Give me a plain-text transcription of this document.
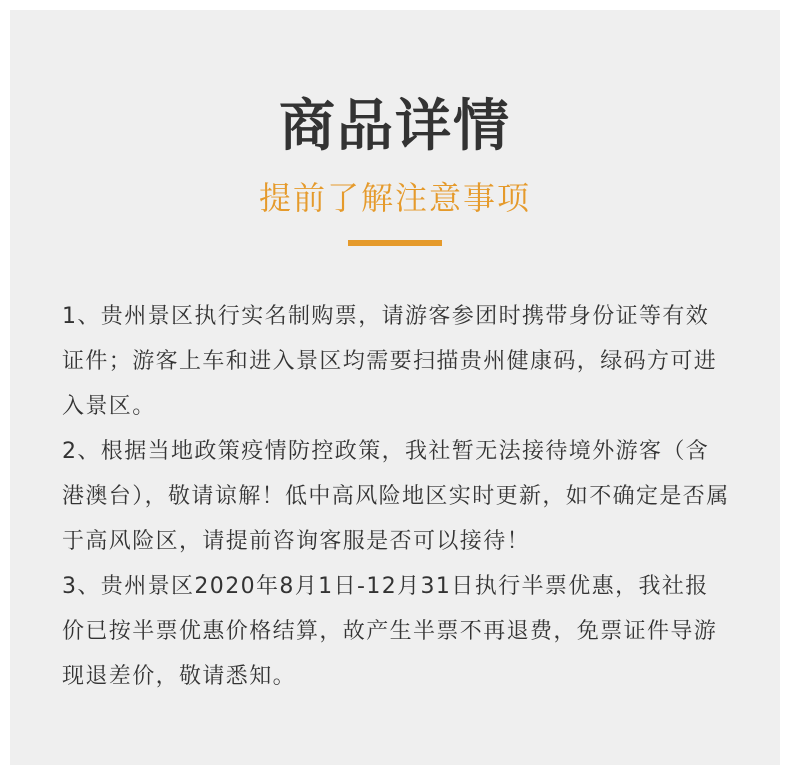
商品详情
提前了解注意事项
1、贵州景区执行实名制购票，请游客参团时携带身份证等有效证件；游客上车和进入景区均需要扫描贵州健康码，绿码方可进入景区。
2、根据当地政策疫情防控政策，我社暂无法接待境外游客（含港澳台），敬请谅解！低中高风险地区实时更新，如不确定是否属于高风险区，请提前咨询客服是否可以接待！
3、贵州景区2020年8月1日-12月31日执行半票优惠，我社报价已按半票优惠价格结算，故产生半票不再退费，免票证件导游现退差价，敬请悉知。
